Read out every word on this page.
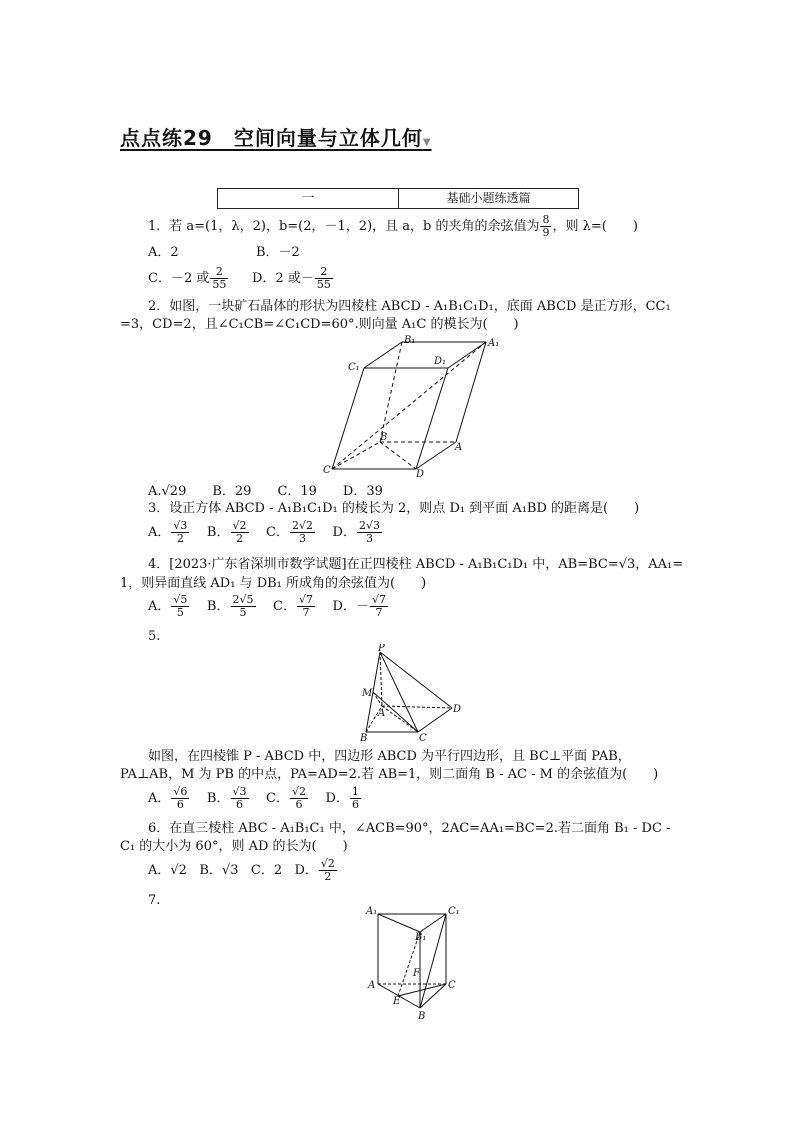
点点练29　空间向量与立体几何▼
一	基础小题练透篇
1．若 a=(1，λ，2)，b=(2，－1，2)，且 a，b 的夹角的余弦值为 $\frac{8}{9}$ ，则 λ=(　　)
A．2	B．－2
C．－2 或 $\frac{2}{55}$ D．2 或－ $\frac{2}{55}$
2．如图，一块矿石晶体的形状为四棱柱 ABCD - A₁B₁C₁D₁，底面 ABCD 是正方形，CC₁
=3，CD=2，且∠C₁CB=∠C₁CD=60°.则向量 A₁C 的模长为(　　)
B₁
D₁
A₁
C₁
B
A
C	D
A.√29　　B．29　　C．19　　D．39
3．设正方体 ABCD - A₁B₁C₁D₁ 的棱长为 2，则点 D₁ 到平面 A₁BD 的距离是(　　)
A． $\frac{√3}{2}$ B． $\frac{√2}{2}$ C． $\frac{2√2}{3}$ D． $\frac{2√3}{3}$
4．[2023·广东省深圳市数学试题]在正四棱柱 ABCD - A₁B₁C₁D₁ 中，AB=BC=√3，AA₁=
1，则异面直线 AD₁ 与 DB₁ 所成角的余弦值为(　　)
A． $\frac{√5}{5}$ B． $\frac{2√5}{5}$ C． $\frac{√7}{7}$ D．－ $\frac{√7}{7}$
5.
P
M
A
B	C
D
如图，在四棱锥 P - ABCD 中，四边形 ABCD 为平行四边形，且 BC⊥平面 PAB，
PA⊥AB，M 为 PB 的中点，PA=AD=2.若 AB=1，则二面角 B - AC - M 的余弦值为(　　)
A． $\frac{√6}{6}$ B． $\frac{√3}{6}$ C． $\frac{√2}{6}$ D． $\frac{1}{6}$
6．在直三棱柱 ABC - A₁B₁C₁ 中，∠ACB=90°，2AC=AA₁=BC=2.若二面角 B₁ - DC -
C₁ 的大小为 60°，则 AD 的长为(　　)
A．√2 B．√3 C．2   D． $\frac{√2}{2}$
7.
A₁	C₁
B₁
F
A	C
E
B
